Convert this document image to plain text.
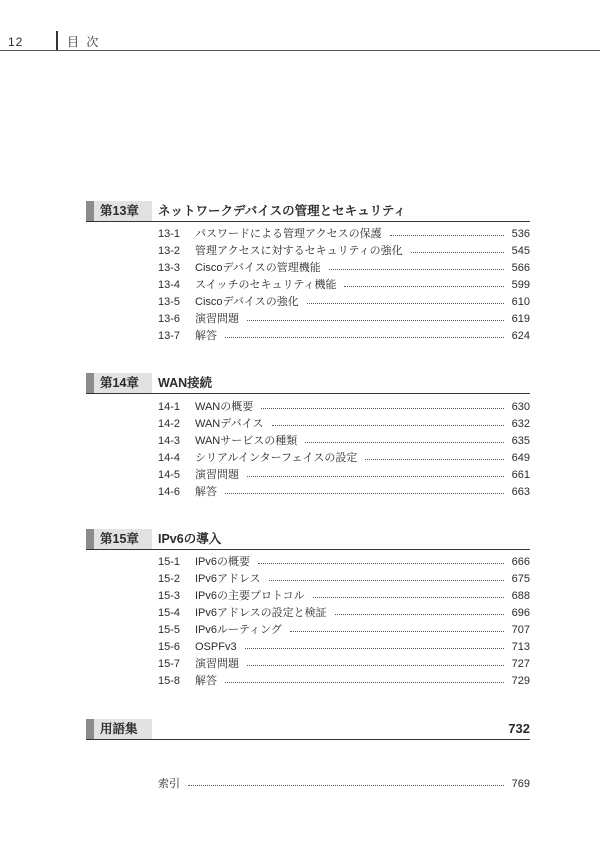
12	目 次
第13章 ネットワークデバイスの管理とセキュリティ
13-1	パスワードによる管理アクセスの保護	536
13-2	管理アクセスに対するセキュリティの強化	545
13-3	Ciscoデバイスの管理機能	566
13-4	スイッチのセキュリティ機能	599
13-5	Ciscoデバイスの強化	610
13-6	演習問題	619
13-7	解答	624
第14章 WAN接続
14-1	WANの概要	630
14-2	WANデバイス	632
14-3	WANサービスの種類	635
14-4	シリアルインターフェイスの設定	649
14-5	演習問題	661
14-6	解答	663
第15章 IPv6の導入
15-1	IPv6の概要	666
15-2	IPv6アドレス	675
15-3	IPv6の主要プロトコル	688
15-4	IPv6アドレスの設定と検証	696
15-5	IPv6ルーティング	707
15-6	OSPFv3	713
15-7	演習問題	727
15-8	解答	729
用語集	732
索引	769
